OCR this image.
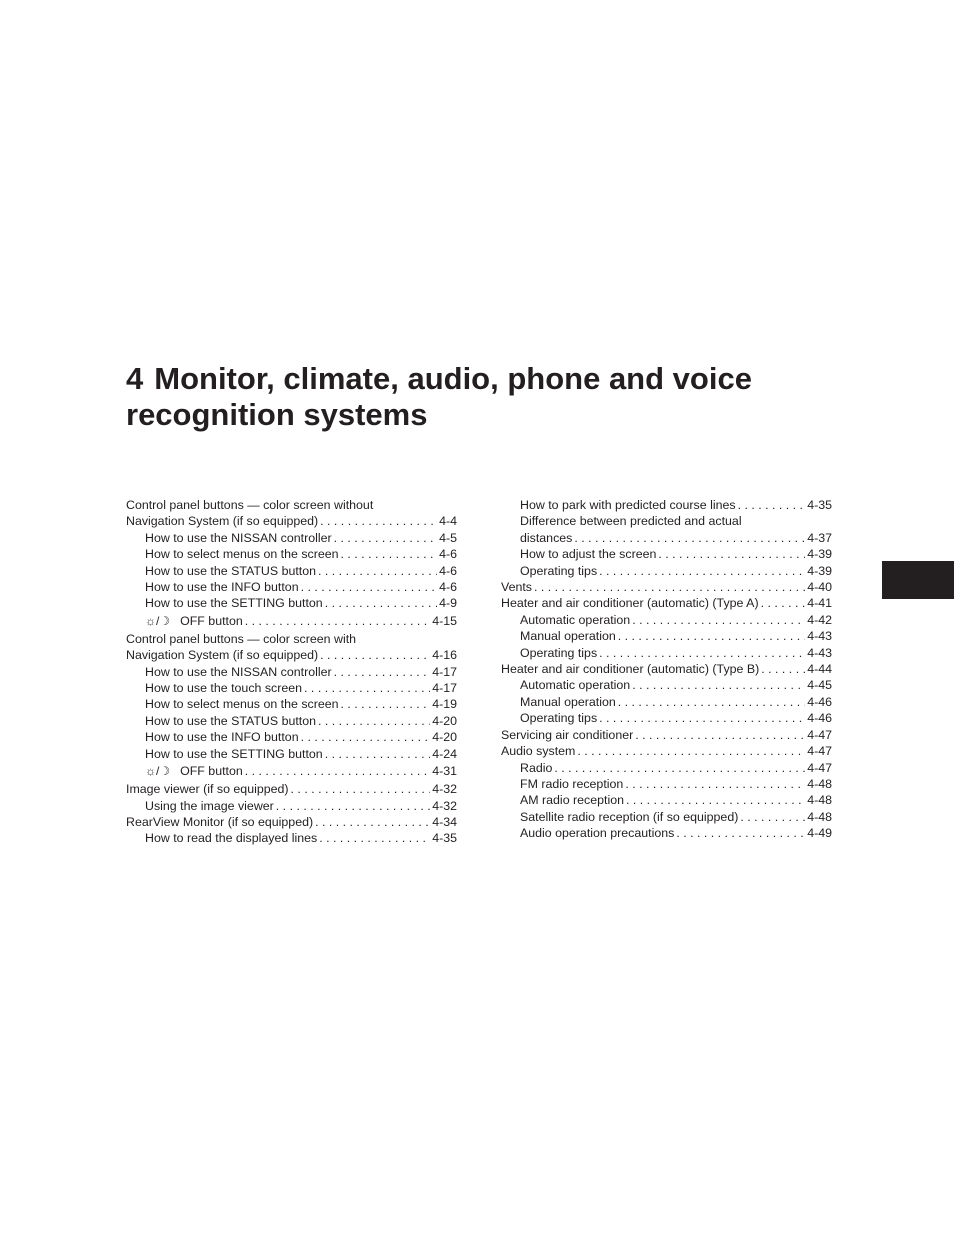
4 Monitor, climate, audio, phone and voice recognition systems
Control panel buttons — color screen without
Navigation System (if so equipped) . . .	4-4
How to use the NISSAN controller . . .	4-5
How to select menus on the screen . . .	4-6
How to use the STATUS button . . .	4-6
How to use the INFO button . . .	4-6
How to use the SETTING button . . .	4-9
☼/☽ OFF button . . .	4-15
Control panel buttons — color screen with
Navigation System (if so equipped) . . .	4-16
How to use the NISSAN controller . . .	4-17
How to use the touch screen . . .	4-17
How to select menus on the screen . . .	4-19
How to use the STATUS button . . .	4-20
How to use the INFO button . . .	4-20
How to use the SETTING button . . .	4-24
☼/☽ OFF button . . .	4-31
Image viewer (if so equipped) . . .	4-32
Using the image viewer . . .	4-32
RearView Monitor (if so equipped) . . .	4-34
How to read the displayed lines . . .	4-35
How to park with predicted course lines . . .	4-35
Difference between predicted and actual
distances . . .	4-37
How to adjust the screen . . .	4-39
Operating tips . . .	4-39
Vents . . .	4-40
Heater and air conditioner (automatic) (Type A) . . .	4-41
Automatic operation . . .	4-42
Manual operation . . .	4-43
Operating tips . . .	4-43
Heater and air conditioner (automatic) (Type B) . . .	4-44
Automatic operation . . .	4-45
Manual operation . . .	4-46
Operating tips . . .	4-46
Servicing air conditioner . . .	4-47
Audio system . . .	4-47
Radio . . .	4-47
FM radio reception . . .	4-48
AM radio reception . . .	4-48
Satellite radio reception (if so equipped) . . .	4-48
Audio operation precautions . . .	4-49
